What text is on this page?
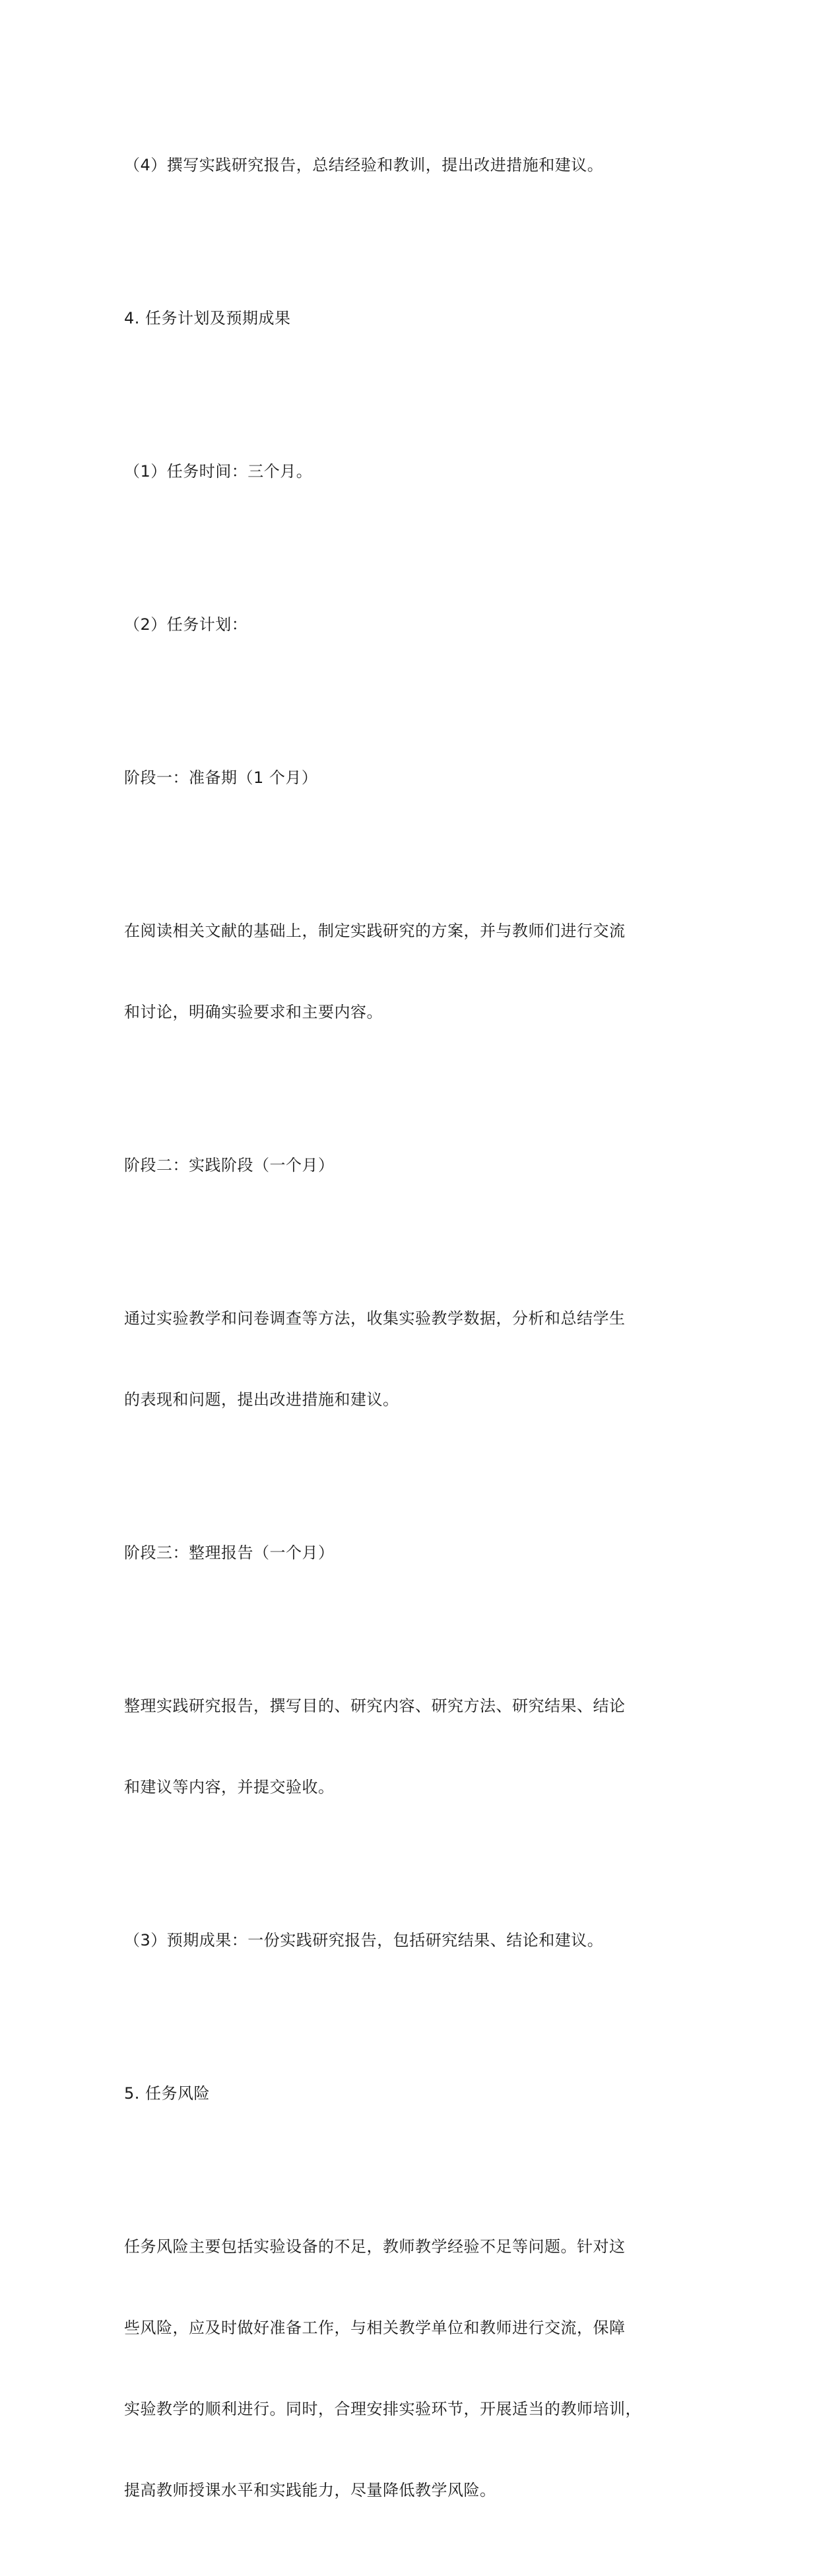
（4）撰写实践研究报告，总结经验和教训，提出改进措施和建议。

4. 任务计划及预期成果

（1）任务时间：三个月。

（2）任务计划：

阶段一：准备期（1 个月）

在阅读相关文献的基础上，制定实践研究的方案，并与教师们进行交流

和讨论，明确实验要求和主要内容。

阶段二：实践阶段（一个月）

通过实验教学和问卷调查等方法，收集实验教学数据，分析和总结学生

的表现和问题，提出改进措施和建议。

阶段三：整理报告（一个月）

整理实践研究报告，撰写目的、研究内容、研究方法、研究结果、结论

和建议等内容，并提交验收。

（3）预期成果：一份实践研究报告，包括研究结果、结论和建议。

5. 任务风险

任务风险主要包括实验设备的不足，教师教学经验不足等问题。针对这

些风险，应及时做好准备工作，与相关教学单位和教师进行交流，保障

实验教学的顺利进行。同时，合理安排实验环节，开展适当的教师培训，

提高教师授课水平和实践能力，尽量降低教学风险。
